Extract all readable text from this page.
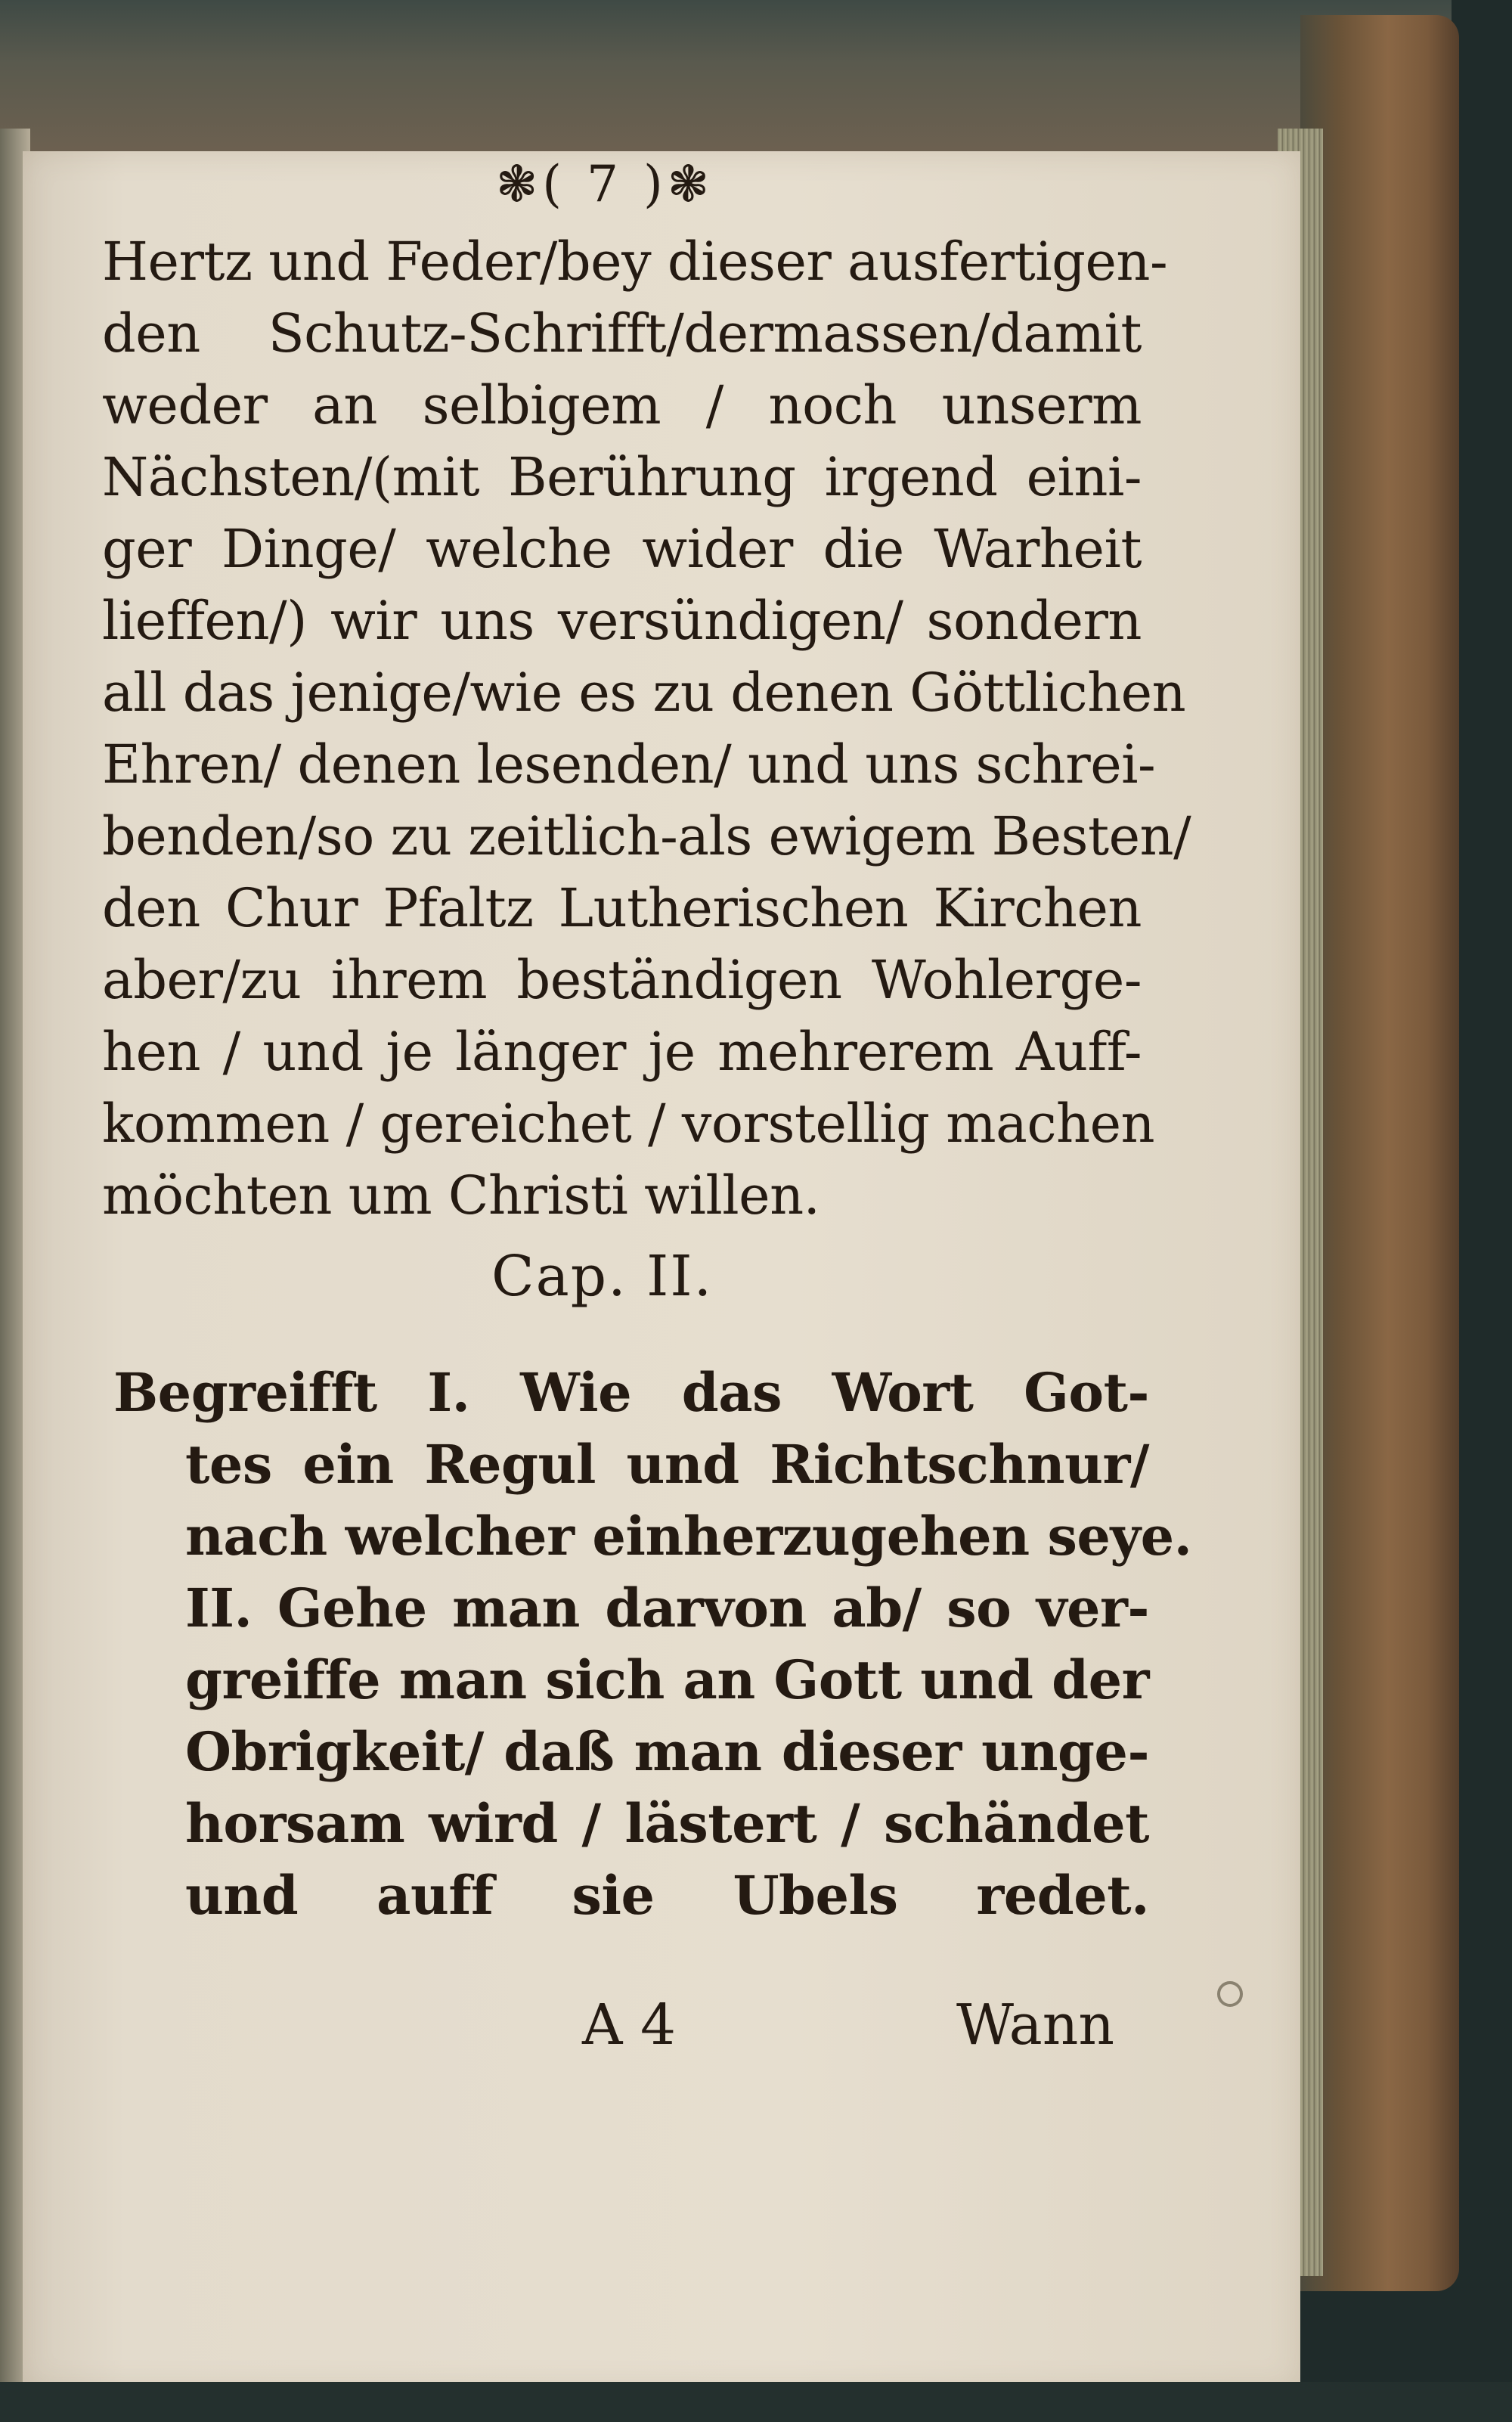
❃( 7 )❃
Hertz und Feder/bey dieser ausfertigen-
den Schutz-Schrifft/dermassen/damit
weder an selbigem / noch unserm
Nächsten/(mit Berührung irgend eini-
ger Dinge/ welche wider die Warheit
lieffen/) wir uns versündigen/ sondern
all das jenige/wie es zu denen Göttlichen
Ehren/ denen lesenden/ und uns schrei-
benden/so zu zeitlich-als ewigem Besten/
den Chur Pfaltz Lutherischen Kirchen
aber/zu ihrem beständigen Wohlerge-
hen / und je länger je mehrerem Auff-
kommen / gereichet / vorstellig machen
möchten um Christi willen.
Cap. II.
Begreifft I. Wie das Wort Got-
tes ein Regul und Richtschnur/
nach welcher einherzugehen seye.
II. Gehe man darvon ab/ so ver-
greiffe man sich an Gott und der
Obrigkeit/ daß man dieser unge-
horsam wird / lästert / schändet
und auff sie Ubels redet.
A 4	Wann
